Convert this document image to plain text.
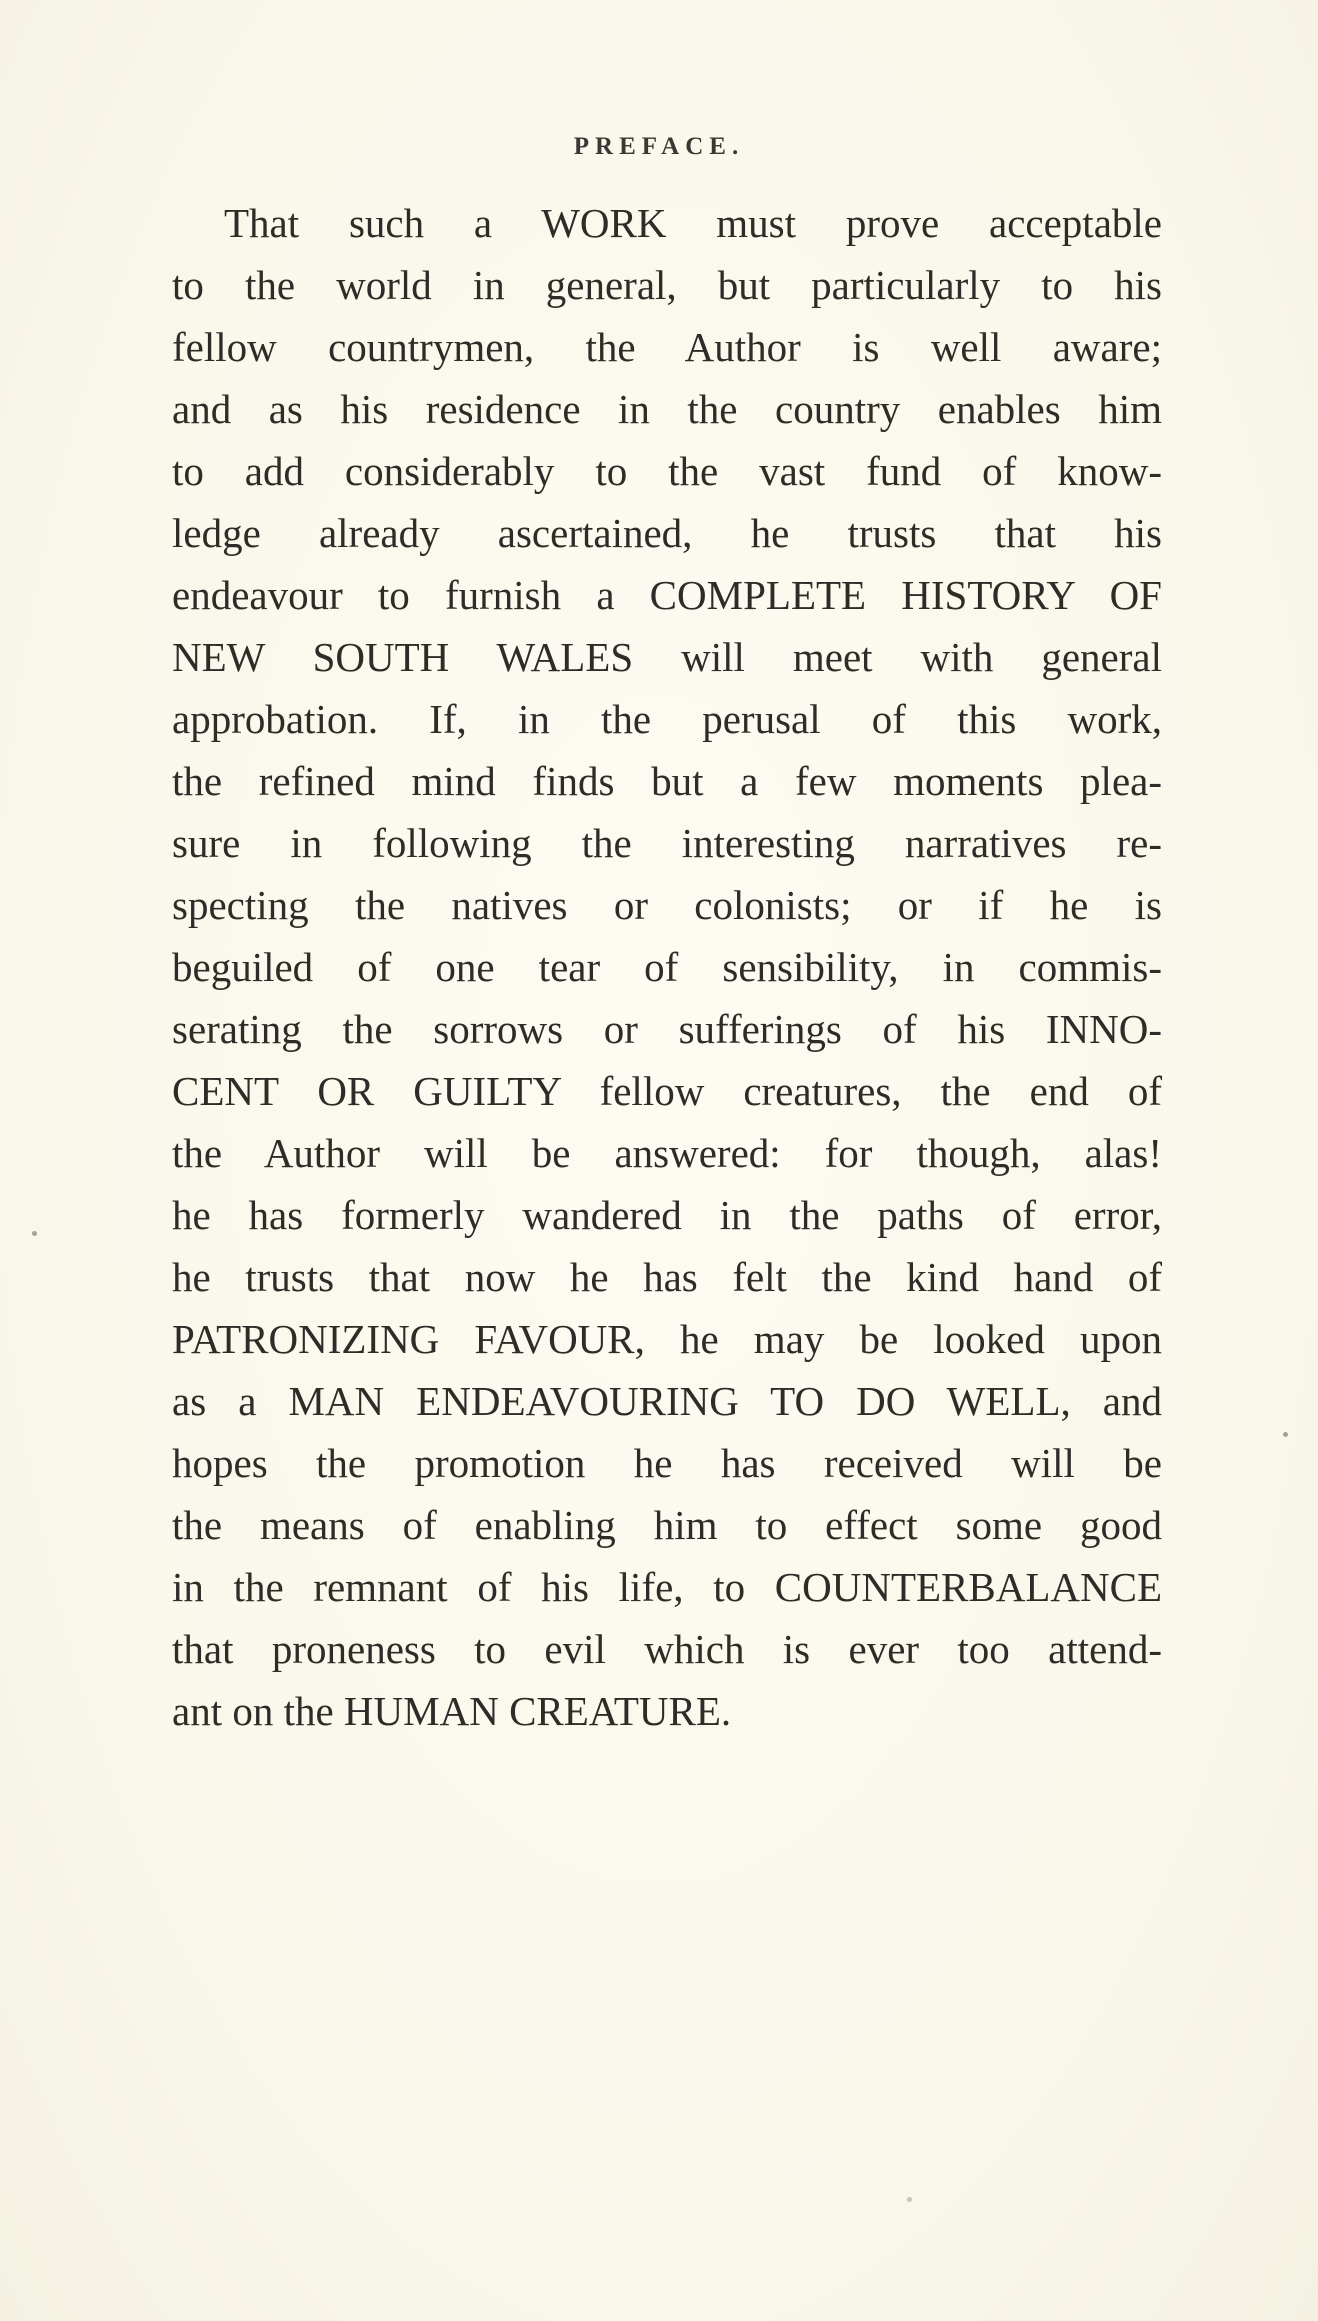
PREFACE.
That such a WORK must prove acceptable
to the world in general, but particularly to his
fellow countrymen, the Author is well aware;
and as his residence in the country enables him
to add considerably to the vast fund of know-
ledge already ascertained, he trusts that his
endeavour to furnish a COMPLETE HISTORY OF
NEW SOUTH WALES will meet with general
approbation. If, in the perusal of this work,
the refined mind finds but a few moments plea-
sure in following the interesting narratives re-
specting the natives or colonists; or if he is
beguiled of one tear of sensibility, in commis-
serating the sorrows or sufferings of his INNO-
CENT OR GUILTY fellow creatures, the end of
the Author will be answered: for though, alas!
he has formerly wandered in the paths of error,
he trusts that now he has felt the kind hand of
PATRONIZING FAVOUR, he may be looked upon
as a MAN ENDEAVOURING TO DO WELL, and
hopes the promotion he has received will be
the means of enabling him to effect some good
in the remnant of his life, to COUNTERBALANCE
that proneness to evil which is ever too attend-
ant on the HUMAN CREATURE.
